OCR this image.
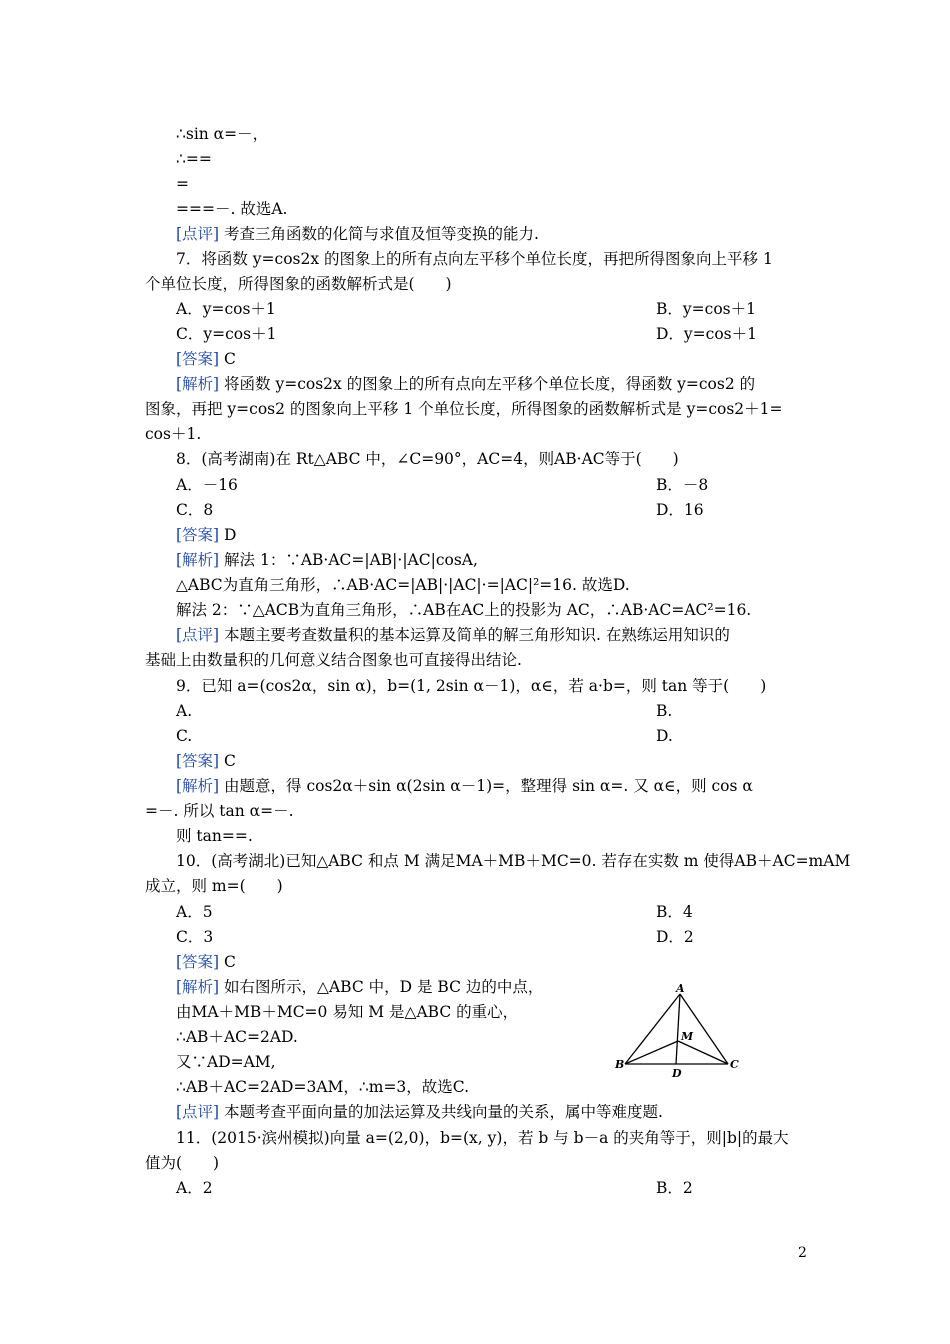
∴sin α=－，
∴==
=
===－. 故选A.
[点评] 考查三角函数的化简与求值及恒等变换的能力.
7．将函数 y=cos2x 的图象上的所有点向左平移个单位长度，再把所得图象向上平移 1
个单位长度，所得图象的函数解析式是(　　)
A．y=cos＋1	B．y=cos＋1
C．y=cos＋1	D．y=cos＋1
[答案] C
[解析] 将函数 y=cos2x 的图象上的所有点向左平移个单位长度，得函数 y=cos2 的
图象，再把 y=cos2 的图象向上平移 1 个单位长度，所得图象的函数解析式是 y=cos2＋1=
cos＋1.
8．(高考湖南)在 Rt△ABC 中，∠C=90°，AC=4，则AB·AC等于(　　)
A．－16	B．－8
C．8	D．16
[答案] D
[解析] 解法 1：∵AB·AC=|AB|·|AC|cosA,
△ABC为直角三角形，∴AB·AC=|AB|·|AC|·=|AC|²=16. 故选D.
解法 2：∵△ACB为直角三角形，∴AB在AC上的投影为 AC，∴AB·AC=AC²=16.
[点评] 本题主要考查数量积的基本运算及简单的解三角形知识. 在熟练运用知识的
基础上由数量积的几何意义结合图象也可直接得出结论.
9．已知 a=(cos2α，sin α)，b=(1, 2sin α－1)，α∈，若 a·b=，则 tan 等于(　　)
A.	B.
C.	D.
[答案] C
[解析] 由题意，得 cos2α＋sin α(2sin α－1)=，整理得 sin α=. 又 α∈，则 cos α
=－. 所以 tan α=－.
则 tan==.
10．(高考湖北)已知△ABC 和点 M 满足MA＋MB＋MC=0. 若存在实数 m 使得AB＋AC=mAM
成立，则 m=(　　)
A．5	B．4
C．3	D．2
[答案] C
[解析] 如右图所示，△ABC 中，D 是 BC 边的中点，
由MA＋MB＋MC=0 易知 M 是△ABC 的重心，
∴AB＋AC=2AD.
又∵AD=AM,
∴AB＋AC=2AD=3AM，∴m=3，故选C.
[点评] 本题考查平面向量的加法运算及共线向量的关系，属中等难度题.
11．(2015·滨州模拟)向量 a=(2,0)，b=(x, y)，若 b 与 b－a 的夹角等于，则|b|的最大
值为(　　)
A．2	B．2
A
B	C
D
M
2
